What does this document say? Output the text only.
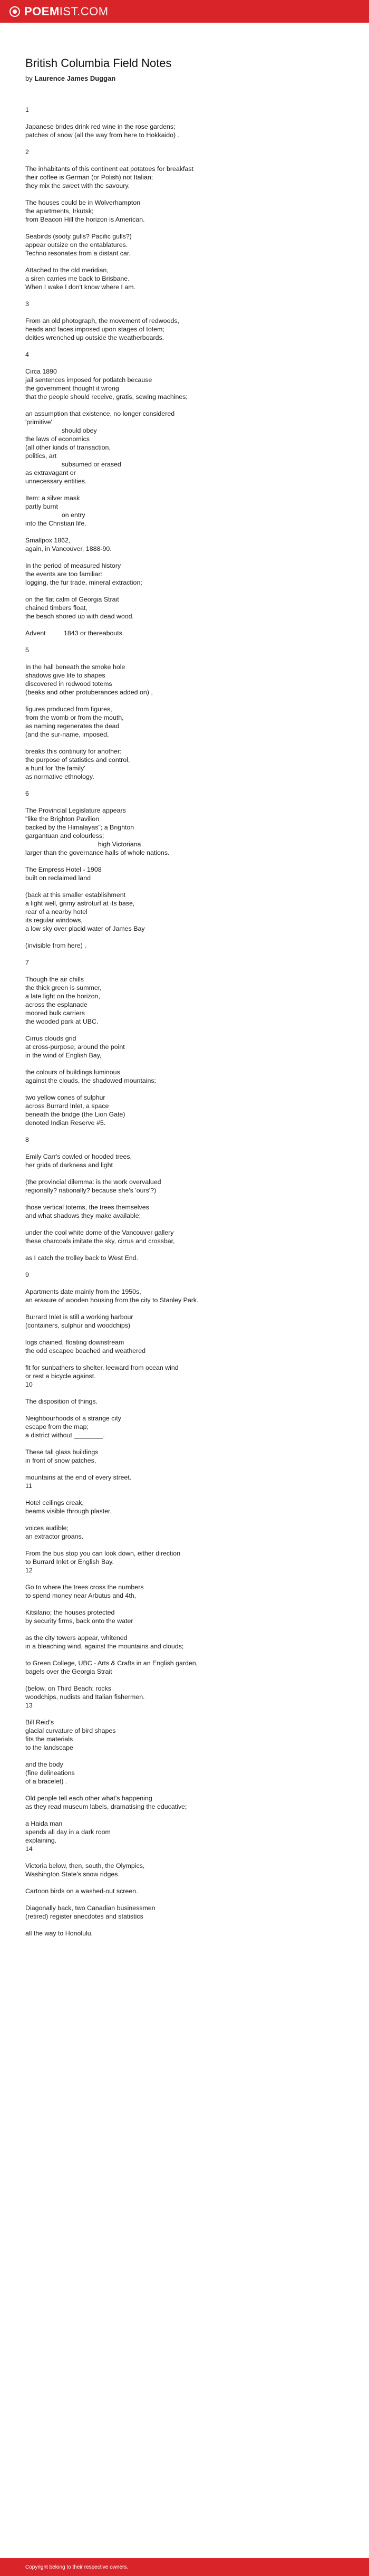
POEMIST.COM
British Columbia Field Notes
by Laurence James Duggan
1
Japanese brides drink red wine in the rose gardens;
patches of snow (all the way from here to Hokkaido) .
2
The inhabitants of this continent eat potatoes for breakfast
their coffee is German (or Polish) not Italian;
they mix the sweet with the savoury.
The houses could be in Wolverhampton
the apartments, Irkutsk;
from Beacon Hill the horizon is American.
Seabirds (sooty gulls? Pacific gulls?)
appear outsize on the entablatures.
Techno resonates from a distant car.
Attached to the old meridian,
a siren carries me back to Brisbane.
When I wake I don't know where I am.
3
From an old photograph, the movement of redwoods,
heads and faces imposed upon stages of totem;
deities wrenched up outside the weatherboards.
4
Circa 1890
jail sentences imposed for potlatch because
the government thought it wrong
that the people should receive, gratis, sewing machines;
an assumption that existence, no longer considered
'primitive'
should obey
the laws of economics
(all other kinds of transaction,
politics, art
subsumed or erased
as extravagant or
unnecessary entities.
Item: a silver mask
partly burnt
on entry
into the Christian life.
Smallpox 1862,
again, in Vancouver, 1888-90.
In the period of measured history
the events are too familiar:
logging, the fur trade, mineral extraction;
on the flat calm of Georgia Strait
chained timbers float,
the beach shored up with dead wood.
Advent          1843 or thereabouts.
5
In the hall beneath the smoke hole
shadows give life to shapes
discovered in redwood totems
(beaks and other protuberances added on) ,
figures produced from figures,
from the womb or from the mouth,
as naming regenerates the dead
(and the sur-name, imposed,
breaks this continuity for another:
the purpose of statistics and control,
a hunt for 'the family'
as normative ethnology.
6
The Provincial Legislature appears
"like the Brighton Pavilion
backed by the Himalayas"; a Brighton
gargantuan and colourless;
high Victoriana
larger than the governance halls of whole nations.
The Empress Hotel - 1908
built on reclaimed land
(back at this smaller establishment
a light well, grimy astroturf at its base,
rear of a nearby hotel
its regular windows,
a low sky over placid water of James Bay
(invisible from here) .
7
Though the air chills
the thick green is summer,
a late light on the horizon,
across the esplanade
moored bulk carriers
the wooded park at UBC.
Cirrus clouds grid
at cross-purpose, around the point
in the wind of English Bay,
the colours of buildings luminous
against the clouds, the shadowed mountains;
two yellow cones of sulphur
across Burrard Inlet, a space
beneath the bridge (the Lion Gate)
denoted Indian Reserve #5.
8
Emily Carr's cowled or hooded trees,
her grids of darkness and light
(the provincial dilemma: is the work overvalued
regionally? nationally? because she's 'ours'?)
those vertical totems, the trees themselves
and what shadows they make available;
under the cool white dome of the Vancouver gallery
these charcoals imitate the sky, cirrus and crossbar,
as I catch the trolley back to West End.
9
Apartments date mainly from the 1950s,
an erasure of wooden housing from the city to Stanley Park.
Burrard Inlet is still a working harbour
(containers, sulphur and woodchips)
logs chained, floating downstream
the odd escapee beached and weathered
fit for sunbathers to shelter, leeward from ocean wind
or rest a bicycle against.
10
The disposition of things.
Neighbourhoods of a strange city
escape from the map;
a district without ________.
These tall glass buildings
in front of snow patches,
mountains at the end of every street.
11
Hotel ceilings creak,
beams visible through plaster,
voices audible;
an extractor groans.
From the bus stop you can look down, either direction
to Burrard Inlet or English Bay.
12
Go to where the trees cross the numbers
to spend money near Arbutus and 4th,
Kitsilano; the houses protected
by security firms, back onto the water
as the city towers appear, whitened
in a bleaching wind, against the mountains and clouds;
to Green College, UBC - Arts & Crafts in an English garden,
bagels over the Georgia Strait
(below, on Third Beach: rocks
woodchips, nudists and Italian fishermen.
13
Bill Reid's
glacial curvature of bird shapes
fits the materials
to the landscape
and the body
(fine delineations
of a bracelet) .
Old people tell each other what's happening
as they read museum labels, dramatising the educative;
a Haida man
spends all day in a dark room
explaining.
14
Victoria below, then, south, the Olympics,
Washington State's snow ridges.
Cartoon birds on a washed-out screen.
Diagonally back, two Canadian businessmen
(retired) register anecdotes and statistics
all the way to Honolulu.
Copyright belong to their respective owners.
